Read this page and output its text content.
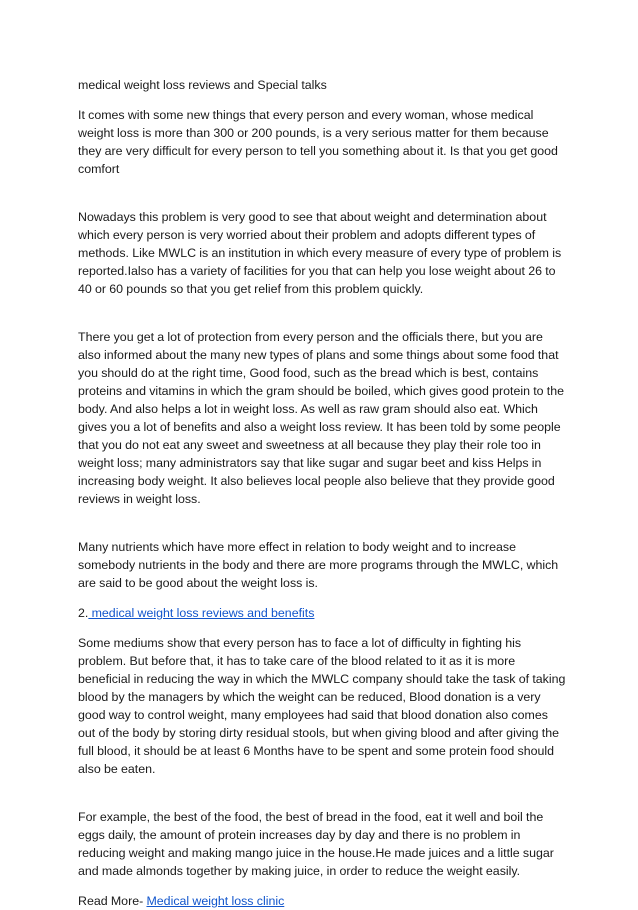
medical weight loss reviews and Special talks

It comes with some new things that every person and every woman, whose medical weight loss is more than 300 or 200 pounds, is a very serious matter for them because they are very difficult for every person to tell you something about it. Is that you get good comfort

Nowadays this problem is very good to see that about weight and determination about which every person is very worried about their problem and adopts different types of methods. Like MWLC is an institution in which every measure of every type of problem is reported.Ialso has a variety of facilities for you that can help you lose weight about 26 to 40 or 60 pounds so that you get relief from this problem quickly.

There you get a lot of protection from every person and the officials there, but you are also informed about the many new types of plans and some things about some food that you should do at the right time, Good food, such as the bread which is best, contains proteins and vitamins in which the gram should be boiled, which gives good protein to the body. And also helps a lot in weight loss. As well as raw gram should also eat. Which gives you a lot of benefits and also a weight loss review. It has been told by some people that you do not eat any sweet and sweetness at all because they play their role too in weight loss; many administrators say that like sugar and sugar beet and kiss Helps in increasing body weight. It also believes local people also believe that they provide good reviews in weight loss.

Many nutrients which have more effect in relation to body weight and to increase somebody nutrients in the body and there are more programs through the MWLC, which are said to be good about the weight loss is.

2. medical weight loss reviews and benefits

Some mediums show that every person has to face a lot of difficulty in fighting his problem. But before that, it has to take care of the blood related to it as it is more beneficial in reducing the way in which the MWLC company should take the task of taking blood by the managers by which the weight can be reduced, Blood donation is a very good way to control weight, many employees had said that blood donation also comes out of the body by storing dirty residual stools, but when giving blood and after giving the full blood, it should be at least 6 Months have to be spent and some protein food should also be eaten.

For example, the best of the food, the best of bread in the food, eat it well and boil the eggs daily, the amount of protein increases day by day and there is no problem in reducing weight and making mango juice in the house.He made juices and a little sugar and made almonds together by making juice, in order to reduce the weight easily.

Read More- Medical weight loss clinic
